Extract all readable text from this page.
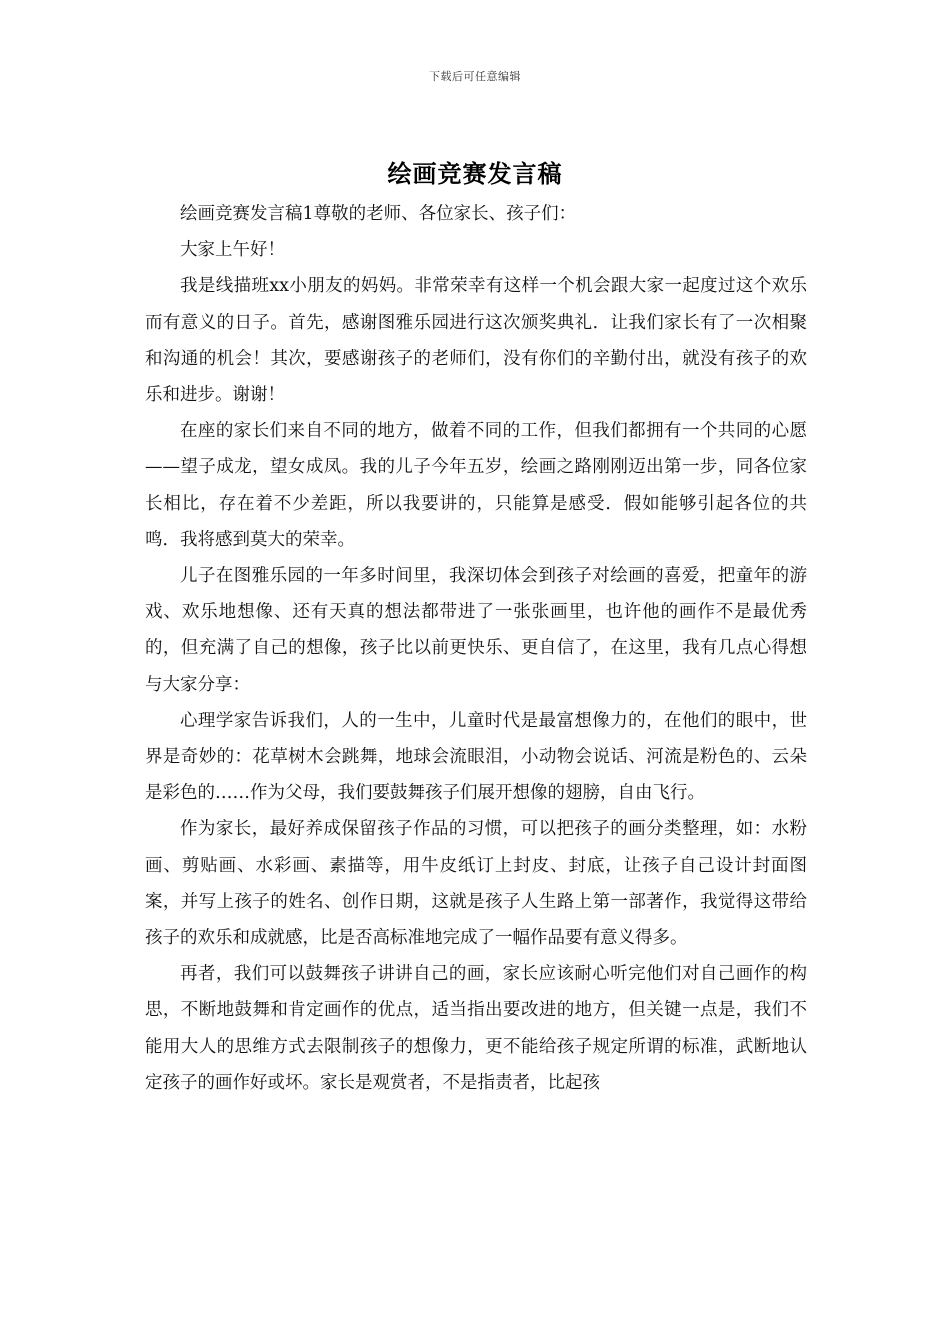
下载后可任意编辑
绘画竞赛发言稿

绘画竞赛发言稿1尊敬的老师、各位家长、孩子们：

大家上午好！

我是线描班xx小朋友的妈妈。非常荣幸有这样一个机会跟大家一起度过这个欢乐而有意义的日子。首先，感谢图雅乐园进行这次颁奖典礼．让我们家长有了一次相聚和沟通的机会！其次，要感谢孩子的老师们，没有你们的辛勤付出，就没有孩子的欢乐和进步。谢谢！

在座的家长们来自不同的地方，做着不同的工作，但我们都拥有一个共同的心愿——望子成龙，望女成凤。我的儿子今年五岁，绘画之路刚刚迈出第一步，同各位家长相比，存在着不少差距，所以我要讲的，只能算是感受．假如能够引起各位的共鸣．我将感到莫大的荣幸。

儿子在图雅乐园的一年多时间里，我深切体会到孩子对绘画的喜爱，把童年的游戏、欢乐地想像、还有天真的想法都带进了一张张画里，也许他的画作不是最优秀的，但充满了自己的想像，孩子比以前更快乐、更自信了，在这里，我有几点心得想与大家分享：

心理学家告诉我们，人的一生中，儿童时代是最富想像力的，在他们的眼中，世界是奇妙的：花草树木会跳舞，地球会流眼泪，小动物会说话、河流是粉色的、云朵是彩色的……作为父母，我们要鼓舞孩子们展开想像的翅膀，自由飞行。

作为家长，最好养成保留孩子作品的习惯，可以把孩子的画分类整理，如：水粉画、剪贴画、水彩画、素描等，用牛皮纸订上封皮、封底，让孩子自己设计封面图案，并写上孩子的姓名、创作日期，这就是孩子人生路上第一部著作，我觉得这带给孩子的欢乐和成就感，比是否高标准地完成了一幅作品要有意义得多。

再者，我们可以鼓舞孩子讲讲自己的画，家长应该耐心听完他们对自己画作的构思，不断地鼓舞和肯定画作的优点，适当指出要改进的地方，但关键一点是，我们不能用大人的思维方式去限制孩子的想像力，更不能给孩子规定所谓的标准，武断地认定孩子的画作好或坏。家长是观赏者，不是指责者，比起孩
